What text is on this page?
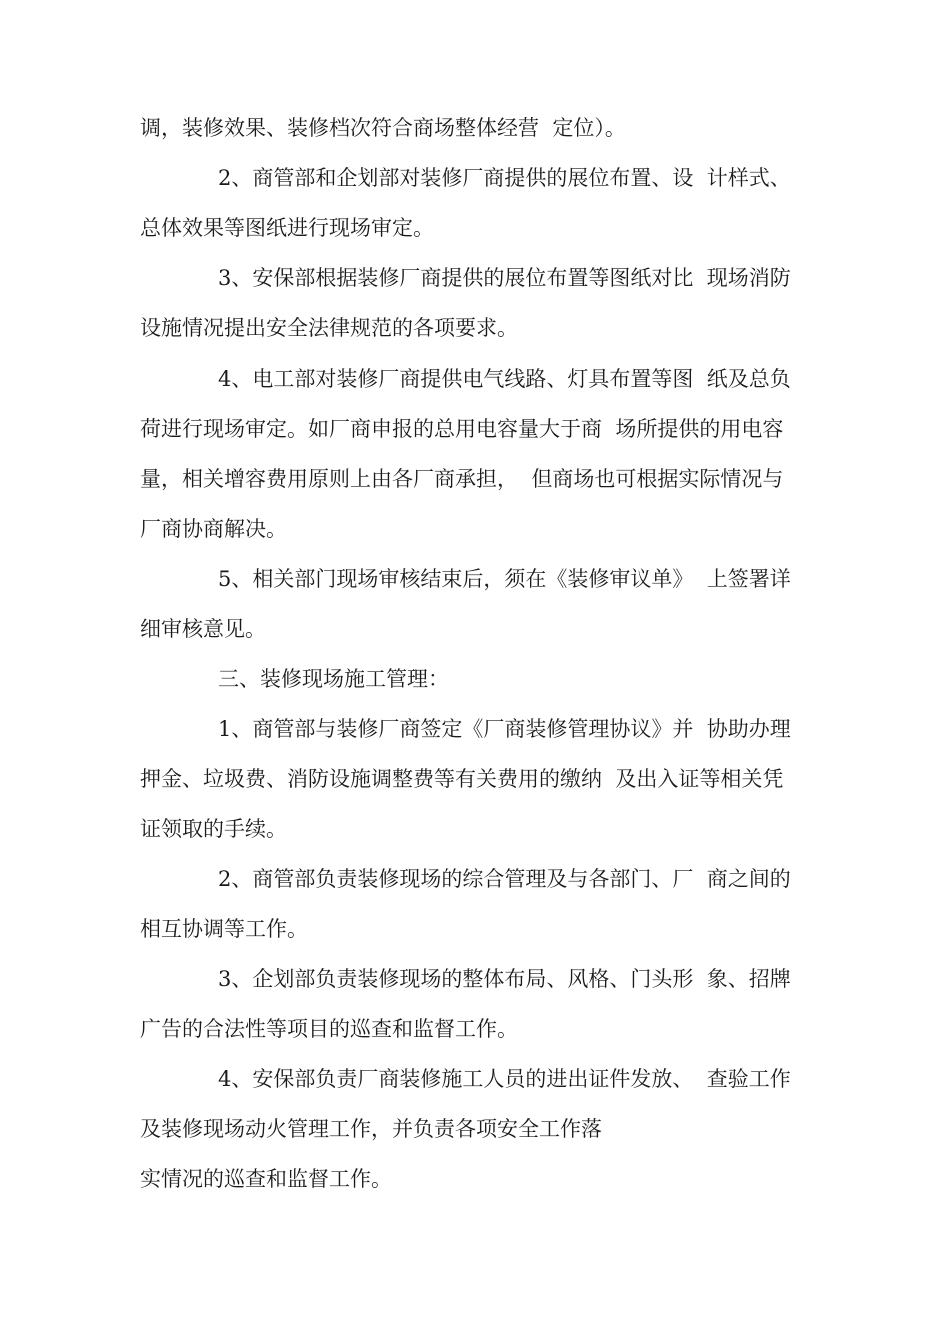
调，装修效果、装修档次符合商场整体经营  定位）。
2、商管部和企划部对装修厂商提供的展位布置、设  计样式、
总体效果等图纸进行现场审定。
3、安保部根据装修厂商提供的展位布置等图纸对比  现场消防
设施情况提出安全法律规范的各项要求。
4、电工部对装修厂商提供电气线路、灯具布置等图  纸及总负
荷进行现场审定。如厂商申报的总用电容量大于商  场所提供的用电容
量，相关增容费用原则上由各厂商承担，  但商场也可根据实际情况与
厂商协商解决。
5、相关部门现场审核结束后，须在《装修审议单》  上签署详
细审核意见。
三、装修现场施工管理：
1、商管部与装修厂商签定《厂商装修管理协议》并  协助办理
押金、垃圾费、消防设施调整费等有关费用的缴纳  及出入证等相关凭
证领取的手续。
2、商管部负责装修现场的综合管理及与各部门、厂  商之间的
相互协调等工作。
3、企划部负责装修现场的整体布局、风格、门头形  象、招牌
广告的合法性等项目的巡查和监督工作。
4、安保部负责厂商装修施工人员的进出证件发放、  查验工作
及装修现场动火管理工作，并负责各项安全工作落
实情况的巡查和监督工作。
